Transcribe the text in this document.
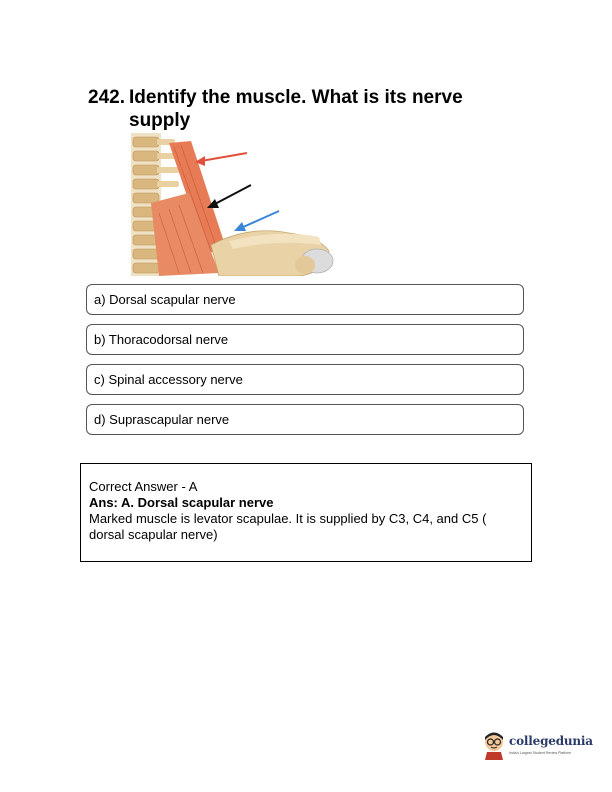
242. Identify the muscle. What is its nerve supply
a) Dorsal scapular nerve
b) Thoracodorsal nerve
c) Spinal accessory nerve
d) Suprascapular nerve
Correct Answer - A
Ans: A. Dorsal scapular nerve
Marked muscle is levator scapulae. It is supplied by C3, C4, and C5 ( dorsal scapular nerve)
collegedunia
India's Largest Student Review Platform
